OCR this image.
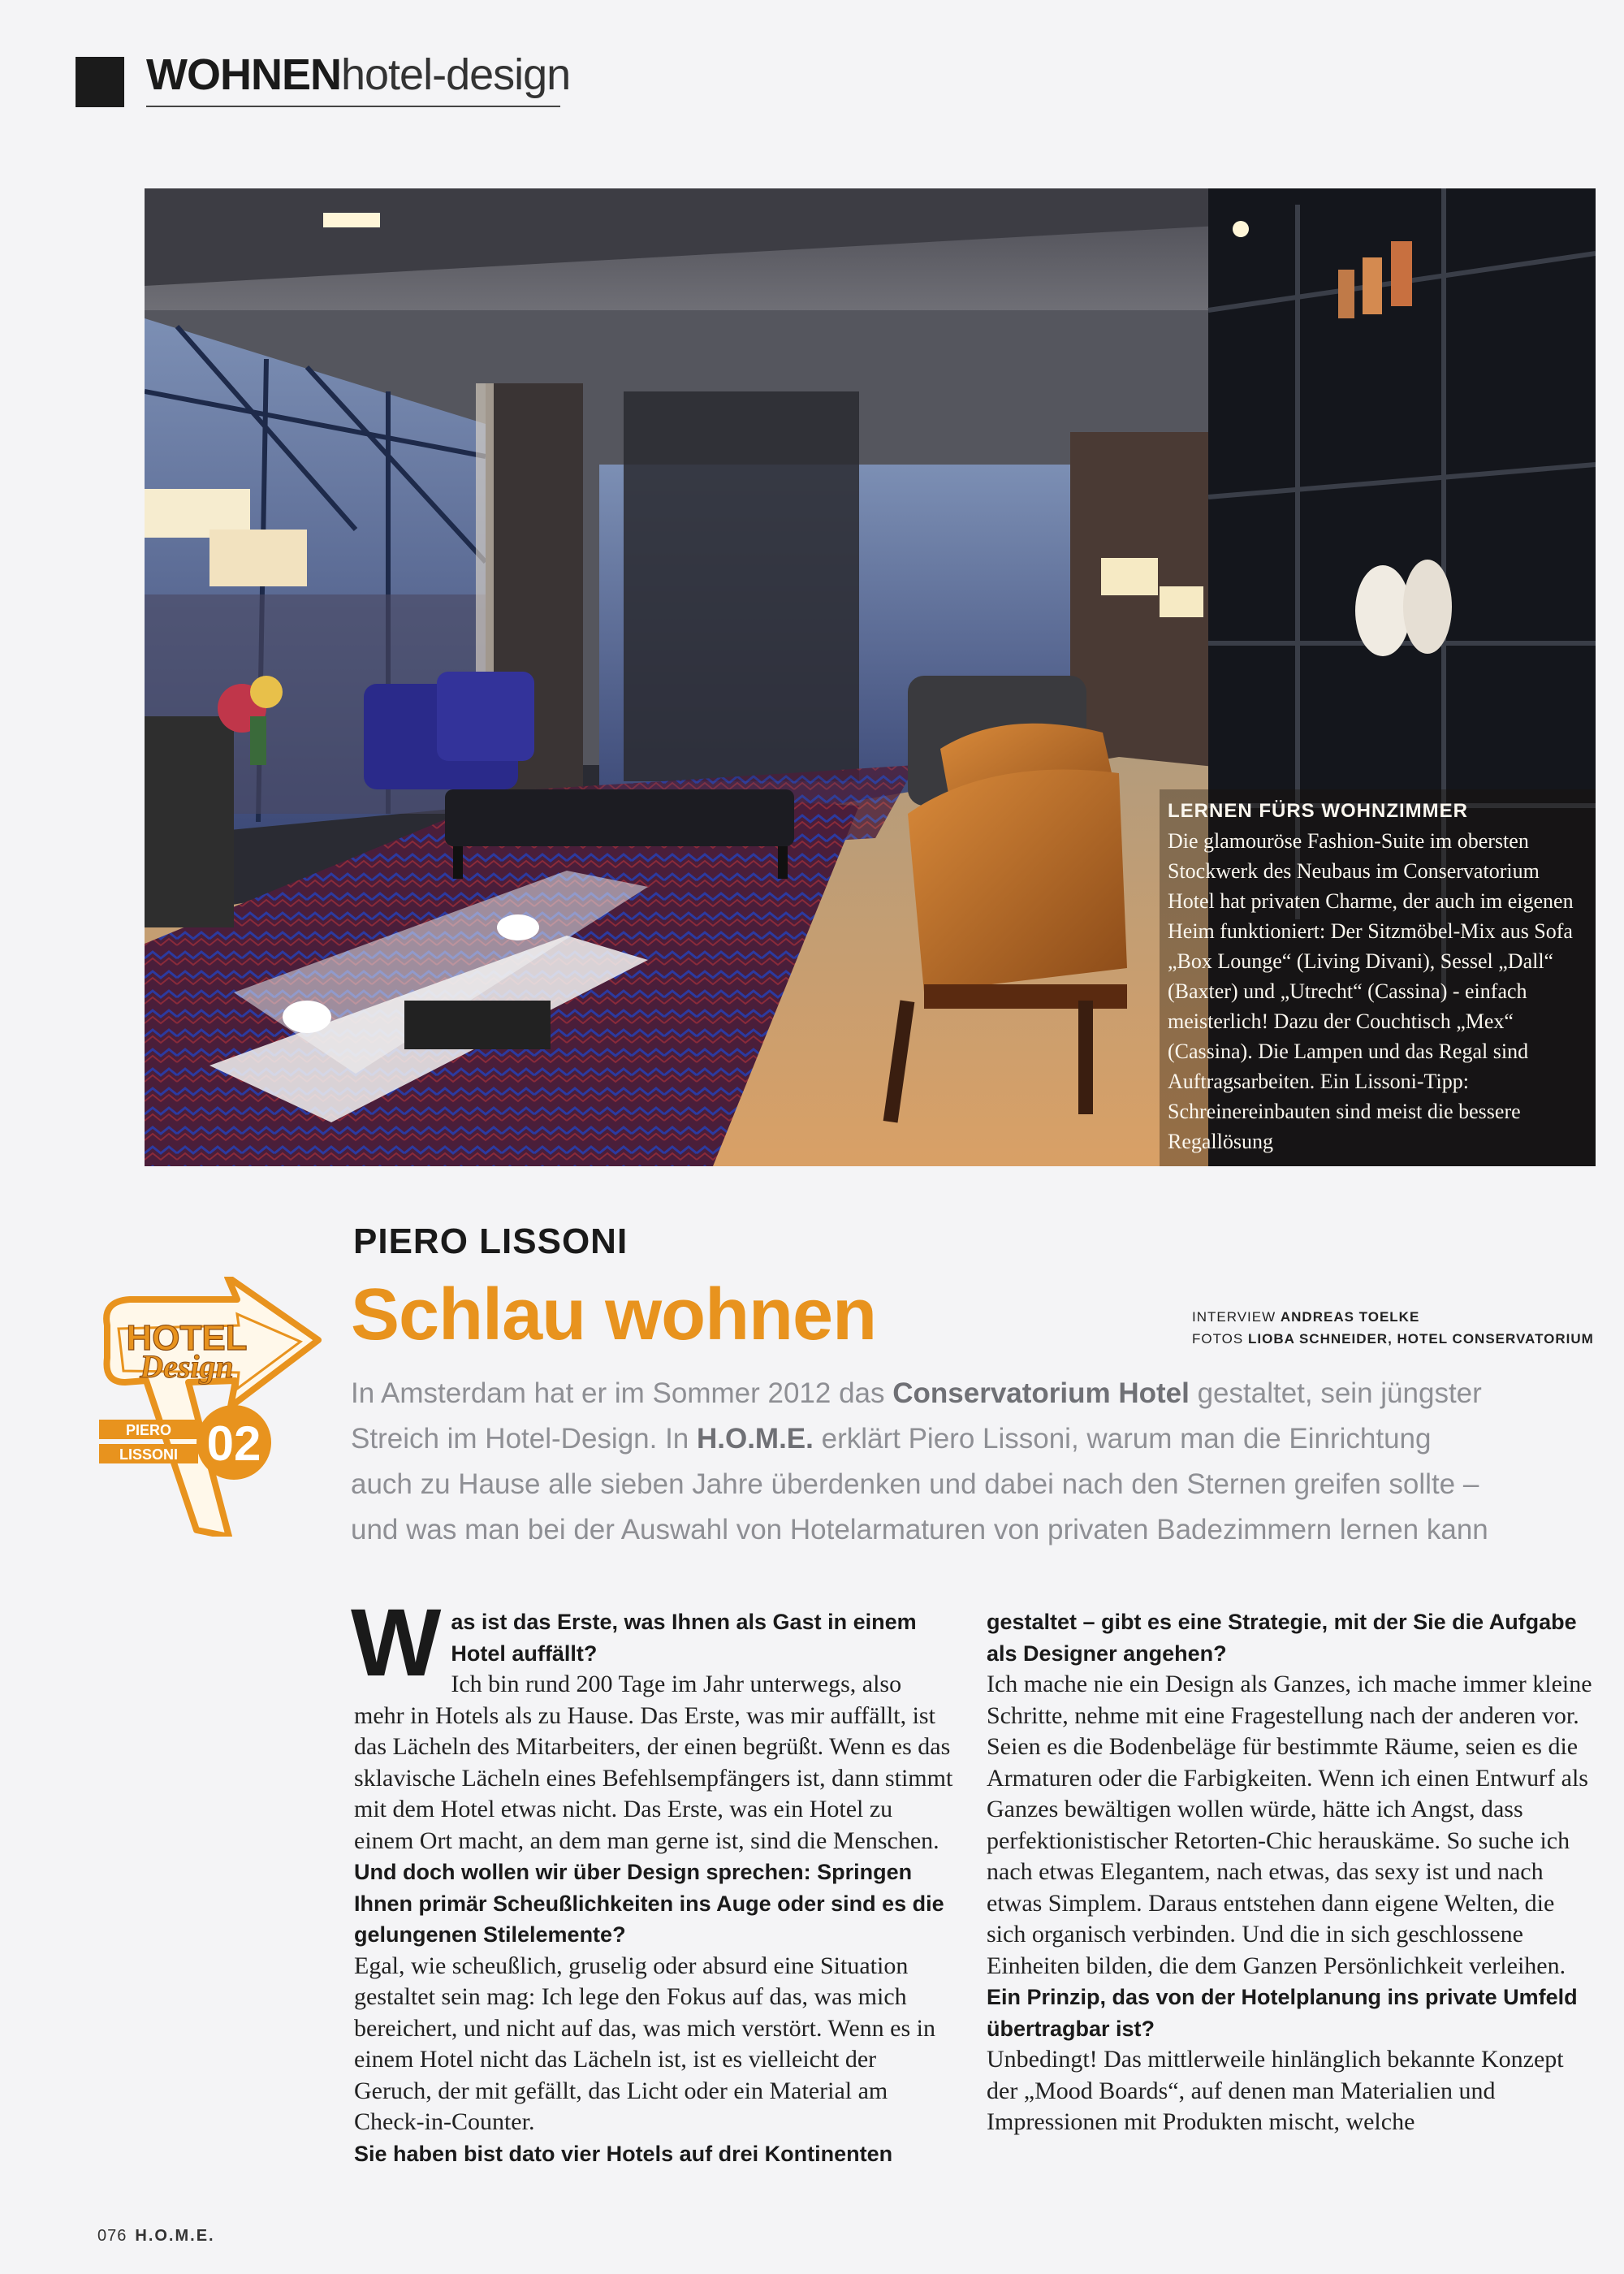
WOHNENhotel-design
LERNEN FÜRS WOHNZIMMER
Die glamouröse Fashion-Suite im obersten Stockwerk des Neubaus im Conservatorium Hotel hat privaten Charme, der auch im eigenen Heim funktioniert: Der Sitzmöbel-Mix aus Sofa „Box Lounge“ (Living Divani), Sessel „Dall“ (Baxter) und „Utrecht“ (Cassina) - einfach meisterlich! Dazu der Couchtisch „Mex“ (Cassina). Die Lampen und das Regal sind Auftragsarbeiten. Ein Lissoni-Tipp: Schreinereinbauten sind meist die bessere Regallösung
HOTEL
Design
PIERO
LISSONI 02
PIERO LISSONI
Schlau wohnen	INTERVIEW ANDREAS TOELKE
FOTOS LIOBA SCHNEIDER, HOTEL CONSERVATORIUM
In Amsterdam hat er im Sommer 2012 das Conservatorium Hotel gestaltet, sein jüngster
Streich im Hotel-Design. In H.O.M.E. erklärt Piero Lissoni, warum man die Einrichtung
auch zu Hause alle sieben Jahre überdenken und dabei nach den Sternen greifen sollte –
und was man bei der Auswahl von Hotelarmaturen von privaten Badezimmern lernen kann
W as ist das Erste, was Ihnen als Gast in einem Hotel auffällt?

Ich bin rund 200 Tage im Jahr unterwegs, also mehr in Hotels als zu Hause. Das Erste, was mir auffällt, ist das Lächeln des Mitarbeiters, der einen begrüßt. Wenn es das sklavische Lächeln eines Befehlsempfängers ist, dann stimmt mit dem Hotel etwas nicht. Das Erste, was ein Hotel zu einem Ort macht, an dem man gerne ist, sind die Menschen.

Und doch wollen wir über Design sprechen: Springen Ihnen primär Scheußlichkeiten ins Auge oder sind es die gelungenen Stilelemente?

Egal, wie scheußlich, gruselig oder absurd eine Situation gestaltet sein mag: Ich lege den Fokus auf das, was mich bereichert, und nicht auf das, was mich verstört. Wenn es in einem Hotel nicht das Lächeln ist, ist es vielleicht der Geruch, der mit gefällt, das Licht oder ein Material am Check-in-Counter.

Sie haben bist dato vier Hotels auf drei Kontinenten

gestaltet – gibt es eine Strategie, mit der Sie die Aufgabe als Designer angehen?

Ich mache nie ein Design als Ganzes, ich mache immer kleine Schritte, nehme mit eine Fragestellung nach der anderen vor. Seien es die Bodenbeläge für bestimmte Räume, seien es die Armaturen oder die Farbigkeiten. Wenn ich einen Entwurf als Ganzes bewältigen wollen würde, hätte ich Angst, dass perfektionistischer Retorten-Chic herauskäme. So suche ich nach etwas Elegantem, nach etwas, das sexy ist und nach etwas Simplem. Daraus entstehen dann eigene Welten, die sich organisch verbinden. Und die in sich geschlossene Einheiten bilden, die dem Ganzen Persönlichkeit verleihen.

Ein Prinzip, das von der Hotelplanung ins private Umfeld übertragbar ist?

Unbedingt! Das mittlerweile hinlänglich bekannte Konzept der „Mood Boards“, auf denen man Materialien und Impressionen mit Produkten mischt, welche

076 H.O.M.E.
